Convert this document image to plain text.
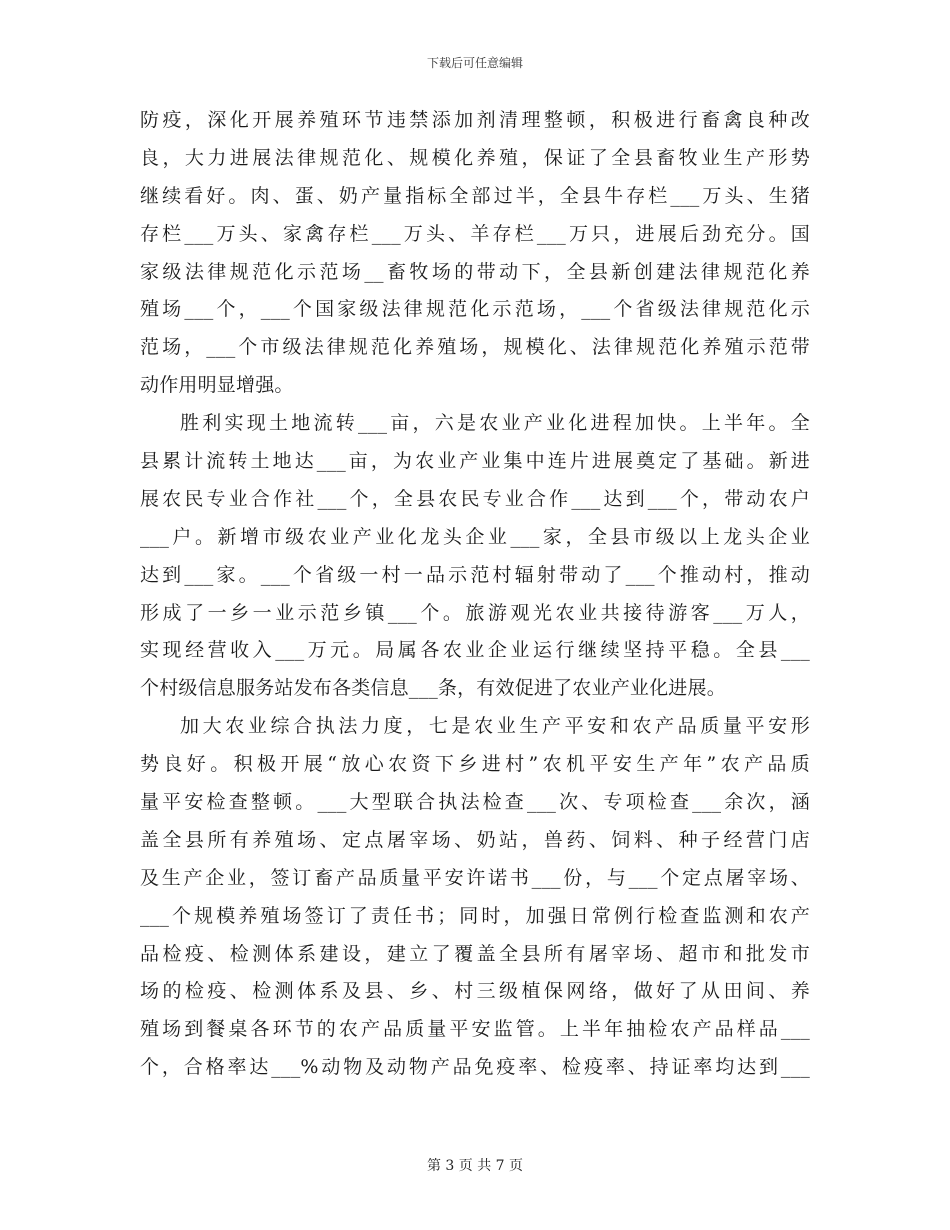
下载后可任意编辑
防疫，深化开展养殖环节违禁添加剂清理整顿，积极进行畜禽良种改
良，大力进展法律规范化、规模化养殖，保证了全县畜牧业生产形势
继续看好。肉、蛋、奶产量指标全部过半，全县牛存栏___万头、生猪
存栏___万头、家禽存栏___万头、羊存栏___万只，进展后劲充分。国
家级法律规范化示范场__畜牧场的带动下，全县新创建法律规范化养
殖场___个，___个国家级法律规范化示范场，___个省级法律规范化示
范场，___个市级法律规范化养殖场，规模化、法律规范化养殖示范带
动作用明显增强。
胜利实现土地流转___亩，六是农业产业化进程加快。上半年。全
县累计流转土地达___亩，为农业产业集中连片进展奠定了基础。新进
展农民专业合作社___个，全县农民专业合作___达到___个，带动农户
___户。新增市级农业产业化龙头企业___家，全县市级以上龙头企业
达到___家。___个省级一村一品示范村辐射带动了___个推动村，推动
形成了一乡一业示范乡镇___个。旅游观光农业共接待游客___万人，
实现经营收入___万元。局属各农业企业运行继续坚持平稳。全县___
个村级信息服务站发布各类信息___条，有效促进了农业产业化进展。
加大农业综合执法力度，七是农业生产平安和农产品质量平安形
势良好。积极开展“放心农资下乡进村”农机平安生产年”农产品质
量平安检查整顿。___大型联合执法检查___次、专项检查___余次，涵
盖全县所有养殖场、定点屠宰场、奶站，兽药、饲料、种子经营门店
及生产企业，签订畜产品质量平安许诺书___份，与___个定点屠宰场、
___个规模养殖场签订了责任书；同时，加强日常例行检查监测和农产
品检疫、检测体系建设，建立了覆盖全县所有屠宰场、超市和批发市
场的检疫、检测体系及县、乡、村三级植保网络，做好了从田间、养
殖场到餐桌各环节的农产品质量平安监管。上半年抽检农产品样品___
个，合格率达___%动物及动物产品免疫率、检疫率、持证率均达到___
第 3 页 共 7 页
